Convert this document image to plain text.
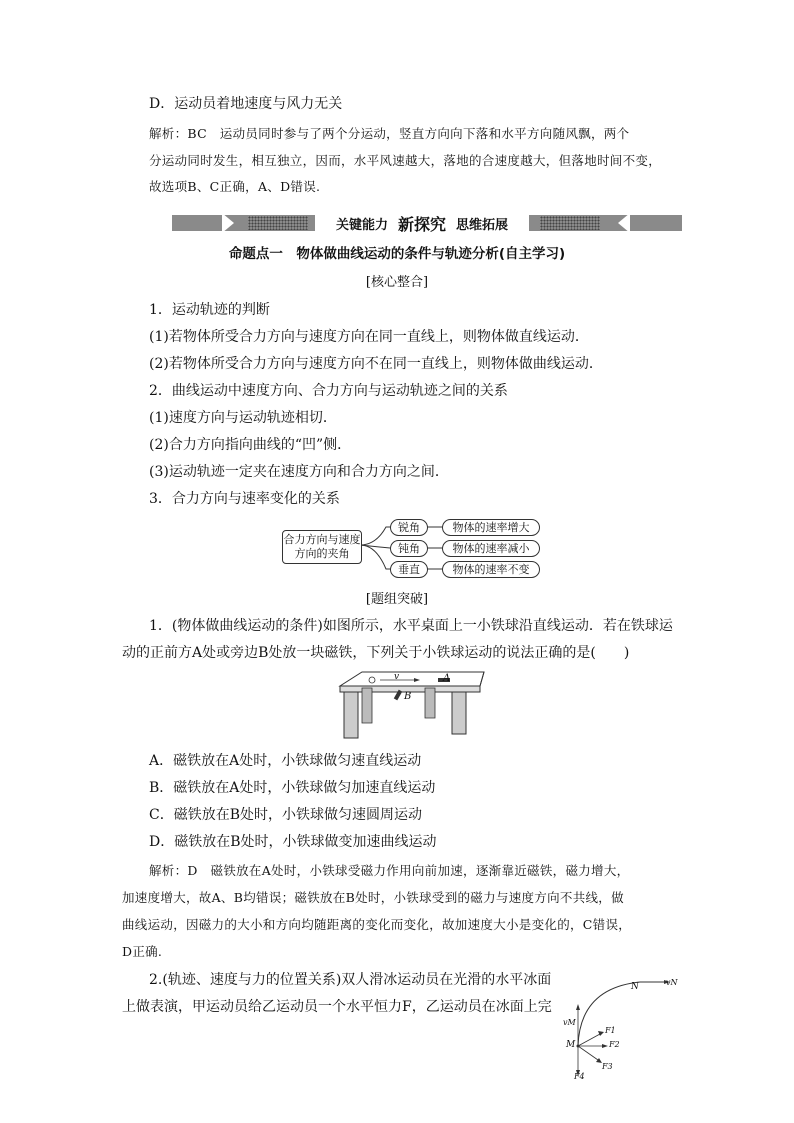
D．运动员着地速度与风力无关
解析：BC　运动员同时参与了两个分运动，竖直方向向下落和水平方向随风飘，两个
分运动同时发生，相互独立，因而，水平风速越大，落地的合速度越大，但落地时间不变，
故选项B、C正确，A、D错误.
关键能力 新探究 思维拓展
命题点一　物体做曲线运动的条件与轨迹分析(自主学习)
[核心整合]
1．运动轨迹的判断
(1)若物体所受合力方向与速度方向在同一直线上，则物体做直线运动．
(2)若物体所受合力方向与速度方向不在同一直线上，则物体做曲线运动．
2．曲线运动中速度方向、合力方向与运动轨迹之间的关系
(1)速度方向与运动轨迹相切．
(2)合力方向指向曲线的“凹”侧．
(3)运动轨迹一定夹在速度方向和合力方向之间．
3．合力方向与速率变化的关系
合力方向与速度
方向的夹角
锐角
钝角
垂直
物体的速率增大
物体的速率减小
物体的速率不变
[题组突破]
1．(物体做曲线运动的条件)如图所示，水平桌面上一小铁球沿直线运动．若在铁球运
动的正前方A处或旁边B处放一块磁铁，下列关于小铁球运动的说法正确的是(　　)
v	A
B
A．磁铁放在A处时，小铁球做匀速直线运动
B．磁铁放在A处时，小铁球做匀加速直线运动
C．磁铁放在B处时，小铁球做匀速圆周运动
D．磁铁放在B处时，小铁球做变加速曲线运动
解析：D　磁铁放在A处时，小铁球受磁力作用向前加速，逐渐靠近磁铁，磁力增大，
加速度增大，故A、B均错误；磁铁放在B处时，小铁球受到的磁力与速度方向不共线，做
曲线运动，因磁力的大小和方向均随距离的变化而变化，故加速度大小是变化的，C错误，
D正确.
2.(轨迹、速度与力的位置关系)双人滑冰运动员在光滑的水平冰面
上做表演，甲运动员给乙运动员一个水平恒力F，乙运动员在冰面上完
vN
N
vM
M
F1
F2
F3
F4
